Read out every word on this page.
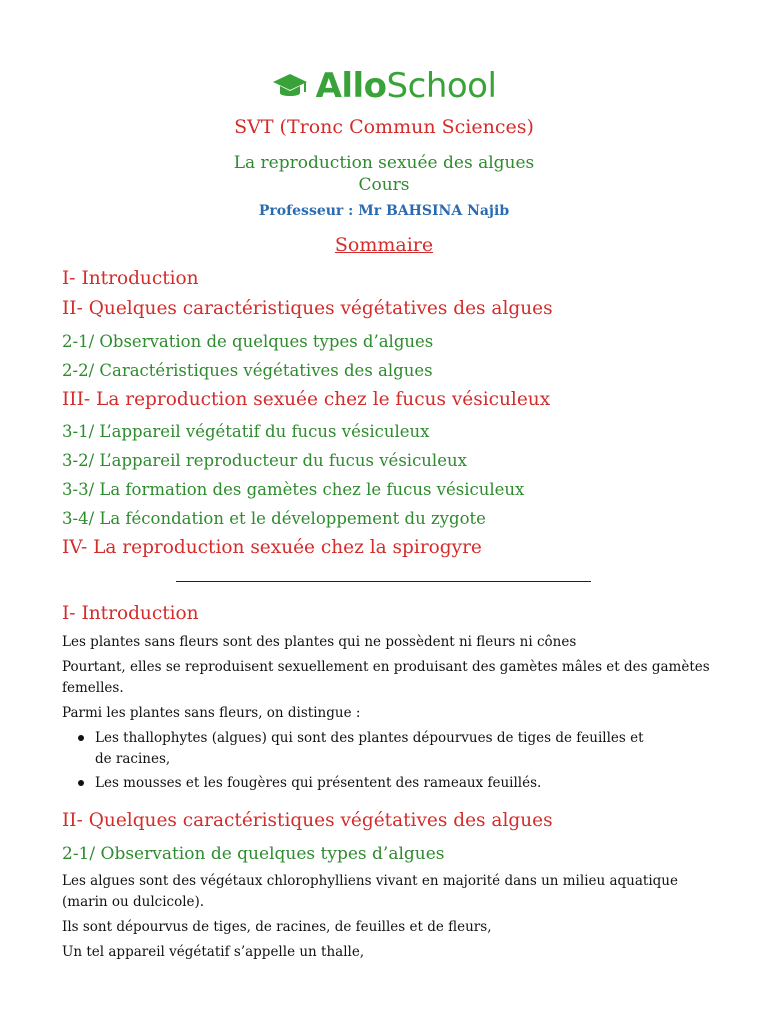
AlloSchool
SVT (Tronc Commun Sciences)
La reproduction sexuée des algues
Cours
Professeur : Mr BAHSINA Najib
Sommaire
I- Introduction
II- Quelques caractéristiques végétatives des algues
2-1/ Observation de quelques types d’algues
2-2/ Caractéristiques végétatives des algues
III- La reproduction sexuée chez le fucus vésiculeux
3-1/ L’appareil végétatif du fucus vésiculeux
3-2/ L’appareil reproducteur du fucus vésiculeux
3-3/ La formation des gamètes chez le fucus vésiculeux
3-4/ La fécondation et le développement du zygote
IV- La reproduction sexuée chez la spirogyre
I- Introduction

Les plantes sans fleurs sont des plantes qui ne possèdent ni fleurs ni cônes

Pourtant, elles se reproduisent sexuellement en produisant des gamètes mâles et des gamètes femelles.

Parmi les plantes sans fleurs, on distingue :

Les thallophytes (algues) qui sont des plantes dépourvues de tiges de feuilles et de racines,
Les mousses et les fougères qui présentent des rameaux feuillés.
II- Quelques caractéristiques végétatives des algues
2-1/ Observation de quelques types d’algues

Les algues sont des végétaux chlorophylliens vivant en majorité dans un milieu aquatique (marin ou dulcicole).

Ils sont dépourvus de tiges, de racines, de feuilles et de fleurs,

Un tel appareil végétatif s’appelle un thalle,
